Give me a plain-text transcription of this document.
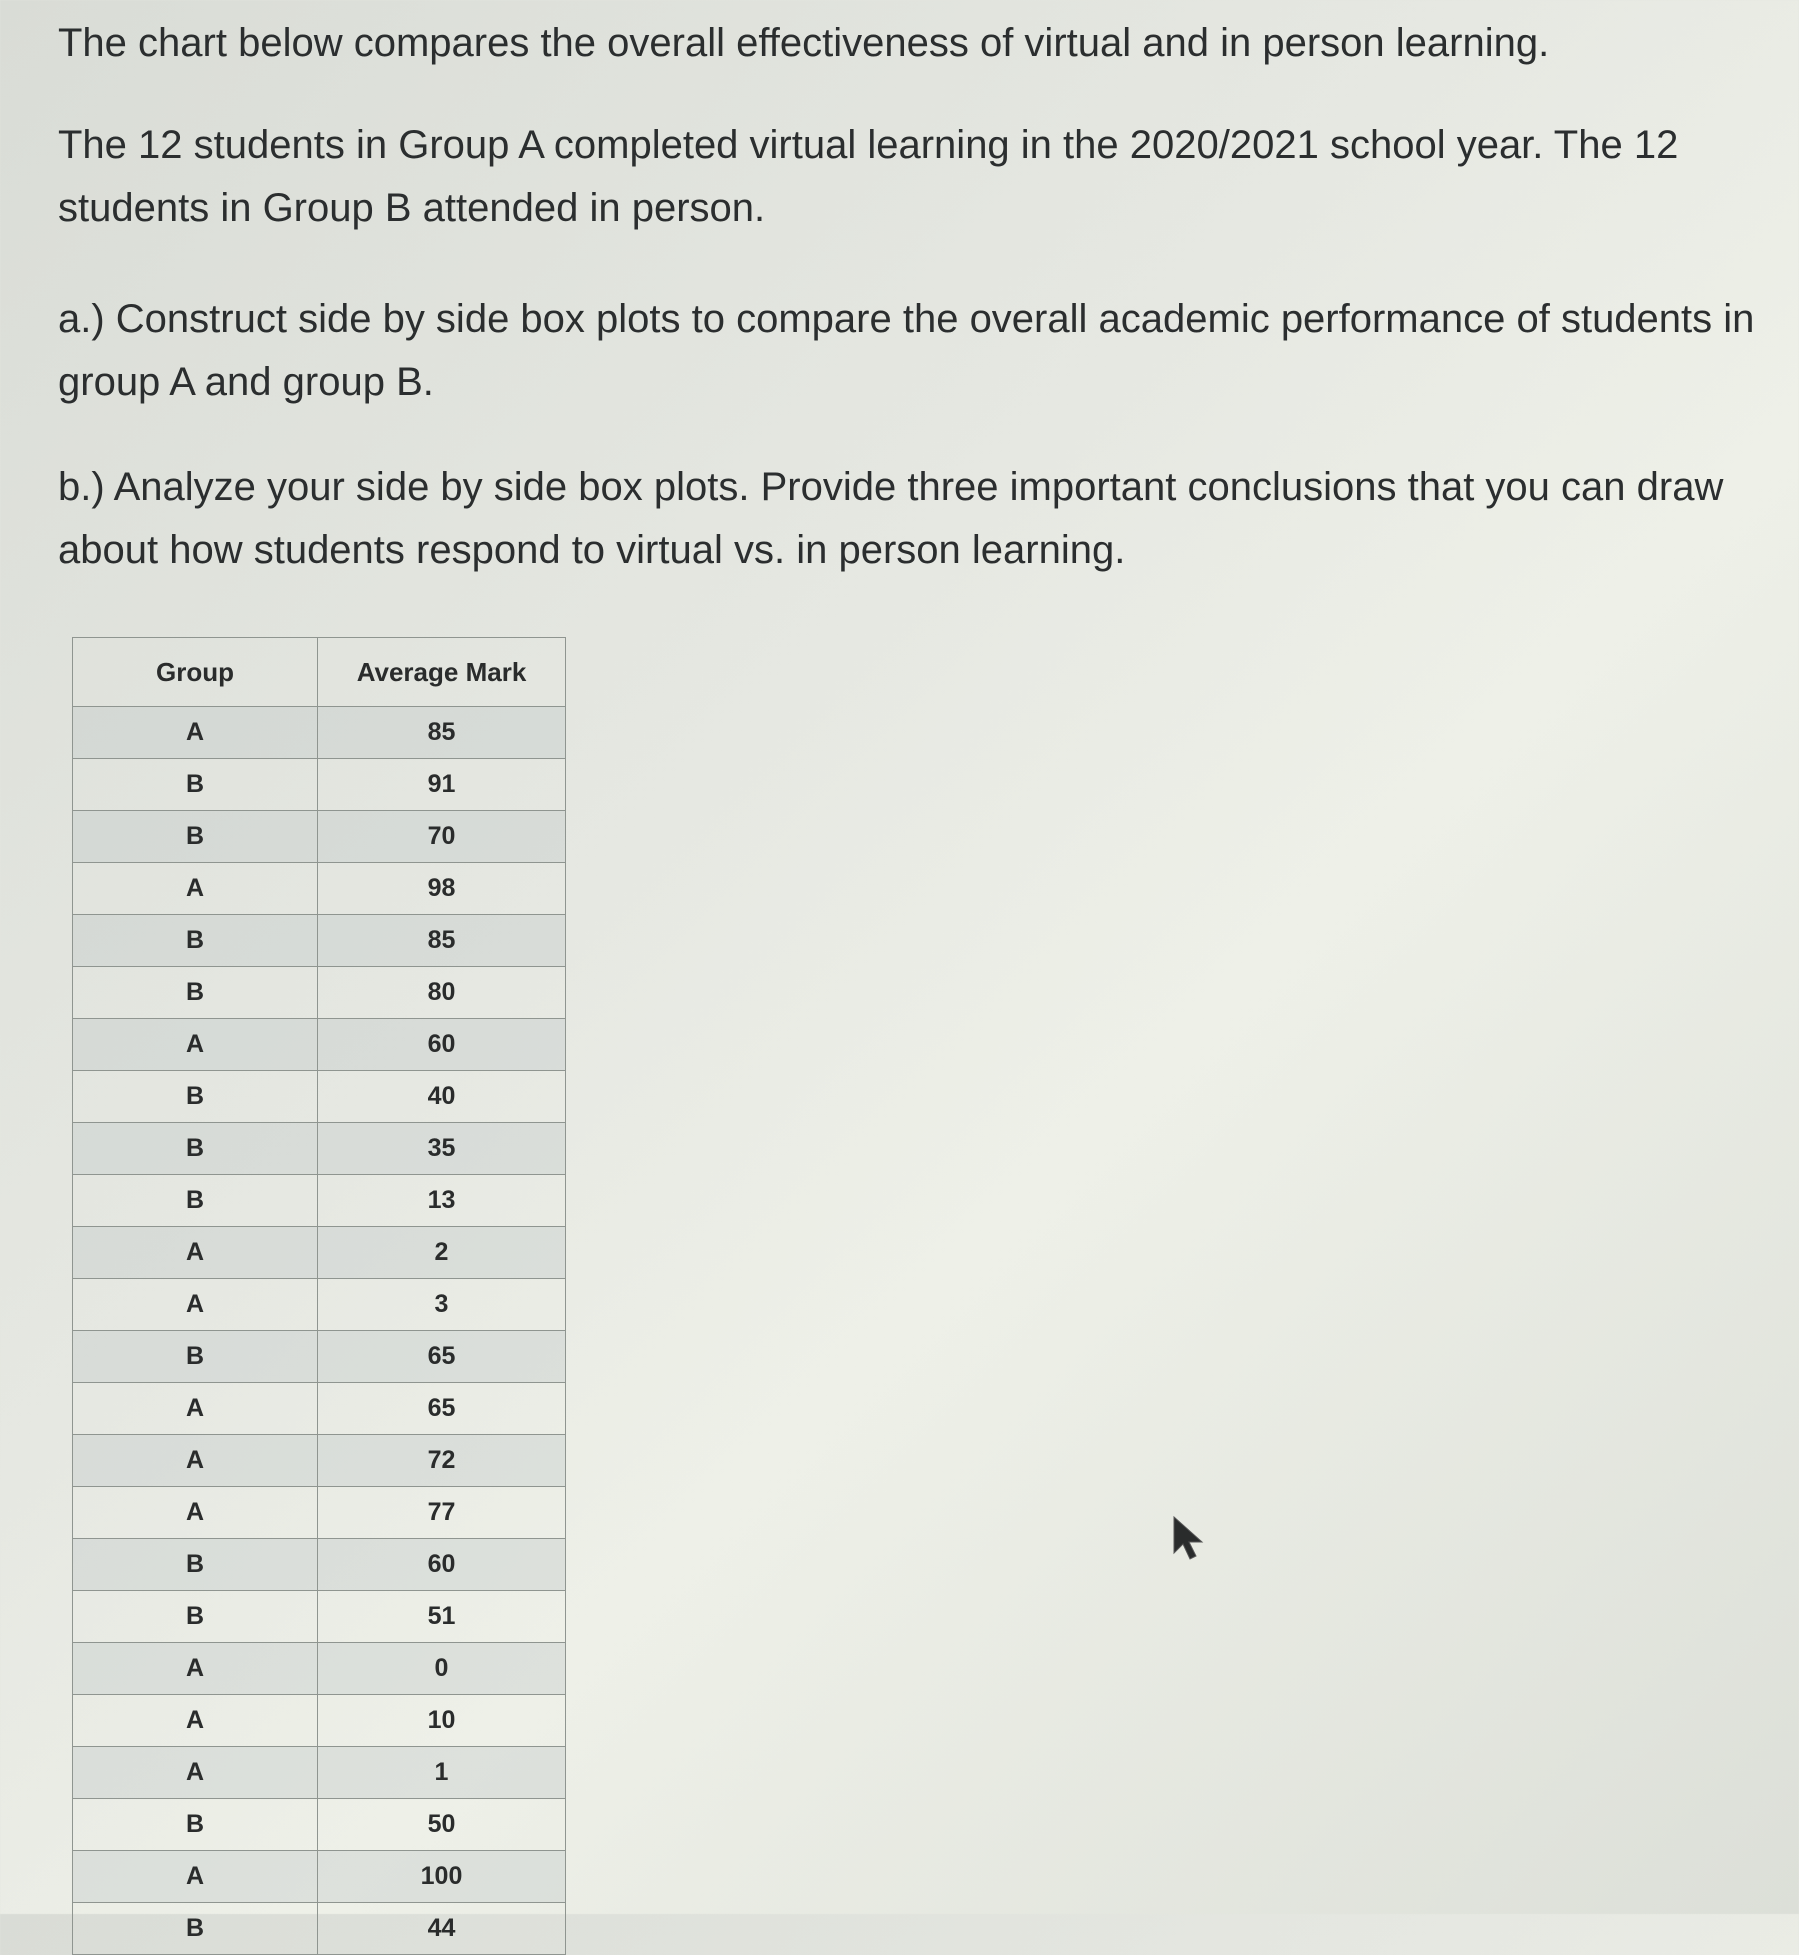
The chart below compares the overall effectiveness of virtual and in person learning.

The 12 students in Group A completed virtual learning in the 2020/2021 school year. The 12 students in Group B attended in person.

a.) Construct side by side box plots to compare the overall academic performance of students in group A and group B.

b.) Analyze your side by side box plots. Provide three important conclusions that you can draw about how students respond to virtual vs. in person learning.

Group	Average Mark
A	85
B	91
B	70
A	98
B	85
B	80
A	60
B	40
B	35
B	13
A	2
A	3
B	65
A	65
A	72
A	77
B	60
B	51
A	0
A	10
A	1
B	50
A	100
B	44
